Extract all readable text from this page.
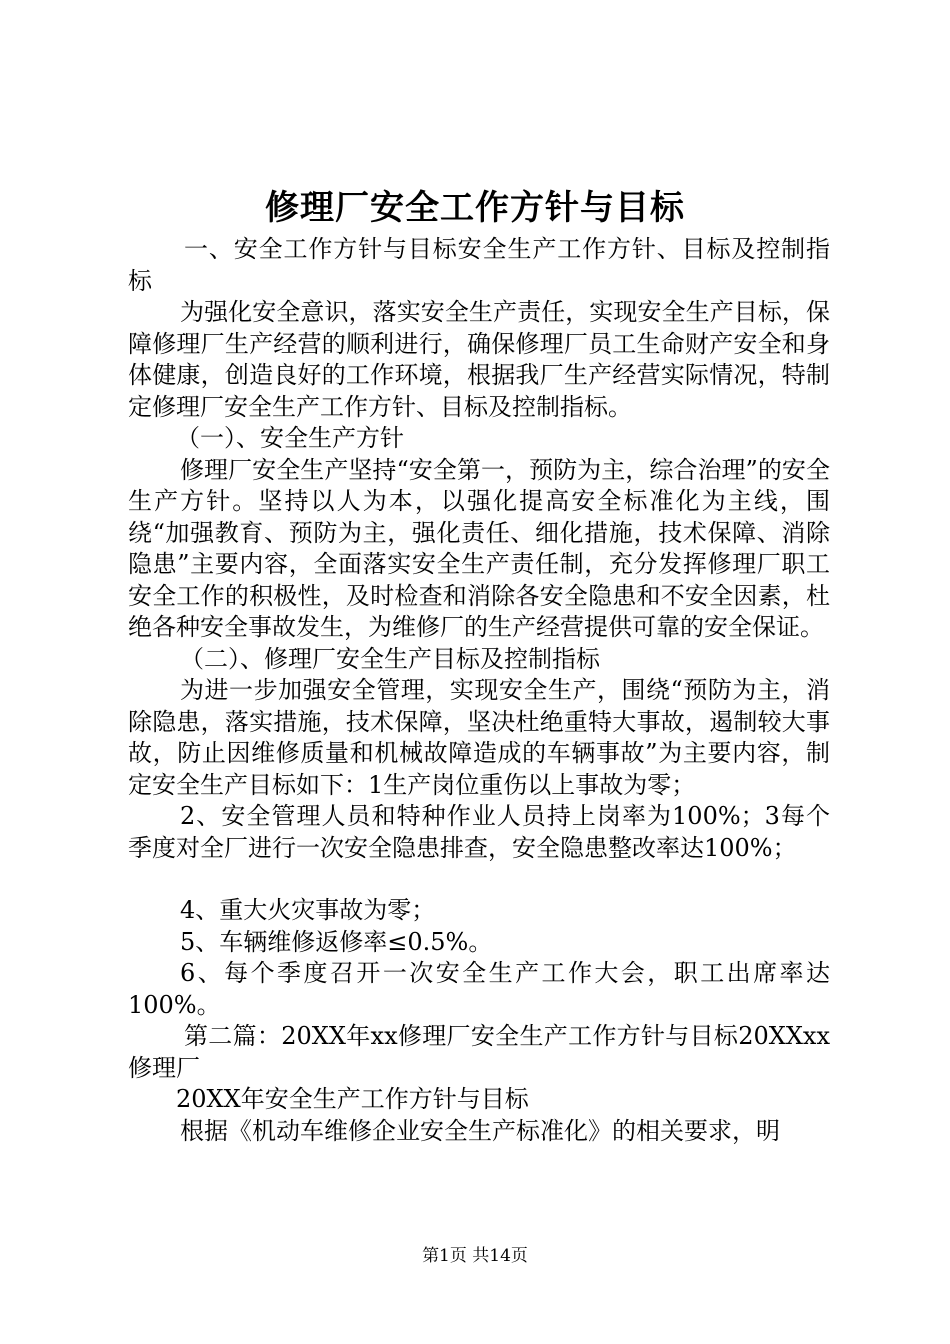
修理厂安全工作方针与目标

一、安全工作方针与目标安全生产工作方针、目标及控制指标

为强化安全意识，落实安全生产责任，实现安全生产目标，保障修理厂生产经营的顺利进行，确保修理厂员工生命财产安全和身体健康，创造良好的工作环境，根据我厂生产经营实际情况，特制定修理厂安全生产工作方针、目标及控制指标。

（一）、安全生产方针

修理厂安全生产坚持“安全第一，预防为主，综合治理”的安全生产方针。坚持以人为本，以强化提高安全标准化为主线，围绕“加强教育、预防为主，强化责任、细化措施，技术保障、消除隐患”主要内容，全面落实安全生产责任制，充分发挥修理厂职工安全工作的积极性，及时检查和消除各安全隐患和不安全因素，杜绝各种安全事故发生，为维修厂的生产经营提供可靠的安全保证。

（二）、修理厂安全生产目标及控制指标

为进一步加强安全管理，实现安全生产，围绕“预防为主，消除隐患，落实措施，技术保障，坚决杜绝重特大事故，遏制较大事故，防止因维修质量和机械故障造成的车辆事故”为主要内容，制定安全生产目标如下：1生产岗位重伤以上事故为零；

2、安全管理人员和特种作业人员持上岗率为100%；3每个季度对全厂进行一次安全隐患排查，安全隐患整改率达100%；

4、重大火灾事故为零；

5、车辆维修返修率≤0.5%。

6、每个季度召开一次安全生产工作大会，职工出席率达100%。

第二篇：20XX年xx修理厂安全生产工作方针与目标20XXxx修理厂

20XX年安全生产工作方针与目标

根据《机动车维修企业安全生产标准化》的相关要求，明

第1页 共14页
